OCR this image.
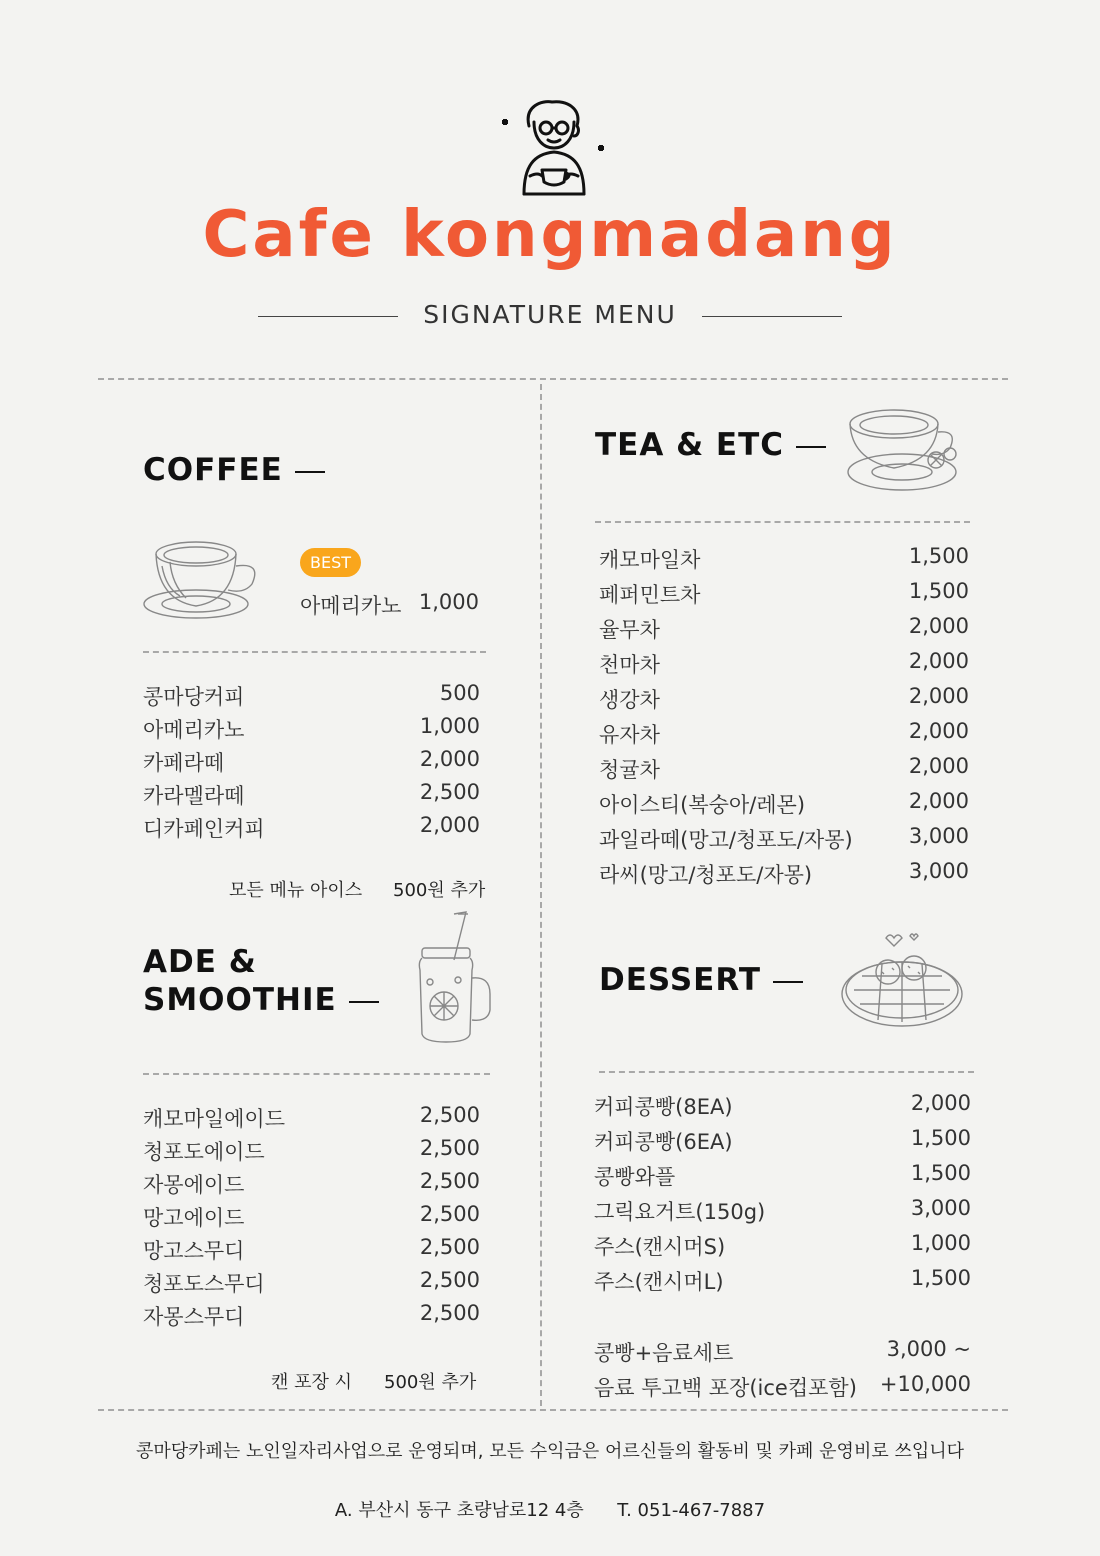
Cafe kongmadang
SIGNATURE MENU
COFFEE
BEST
아메리카노 1,000
콩마당커피	500
아메리카노	1,000
카페라떼	2,000
카라멜라떼	2,500
디카페인커피	2,000
모든 메뉴 아이스 500원 추가
ADE &
SMOOTHIE
캐모마일에이드	2,500
청포도에이드	2,500
자몽에이드	2,500
망고에이드	2,500
망고스무디	2,500
청포도스무디	2,500
자몽스무디	2,500
캔 포장 시 500원 추가
TEA & ETC
캐모마일차	1,500
페퍼민트차	1,500
율무차	2,000
천마차	2,000
생강차	2,000
유자차	2,000
청귤차	2,000
아이스티(복숭아/레몬)	2,000
과일라떼(망고/청포도/자몽)	3,000
라씨(망고/청포도/자몽)	3,000
DESSERT
커피콩빵(8EA)	2,000
커피콩빵(6EA)	1,500
콩빵와플	1,500
그릭요거트(150g)	3,000
주스(캔시머S)	1,000
주스(캔시머L)	1,500
콩빵+음료세트	3,000 ~
음료 투고백 포장(ice컵포함) +10,000
콩마당카페는 노인일자리사업으로 운영되며, 모든 수익금은 어르신들의 활동비 및 카페 운영비로 쓰입니다
A. 부산시 동구 초량남로12 4층 T. 051-467-7887
